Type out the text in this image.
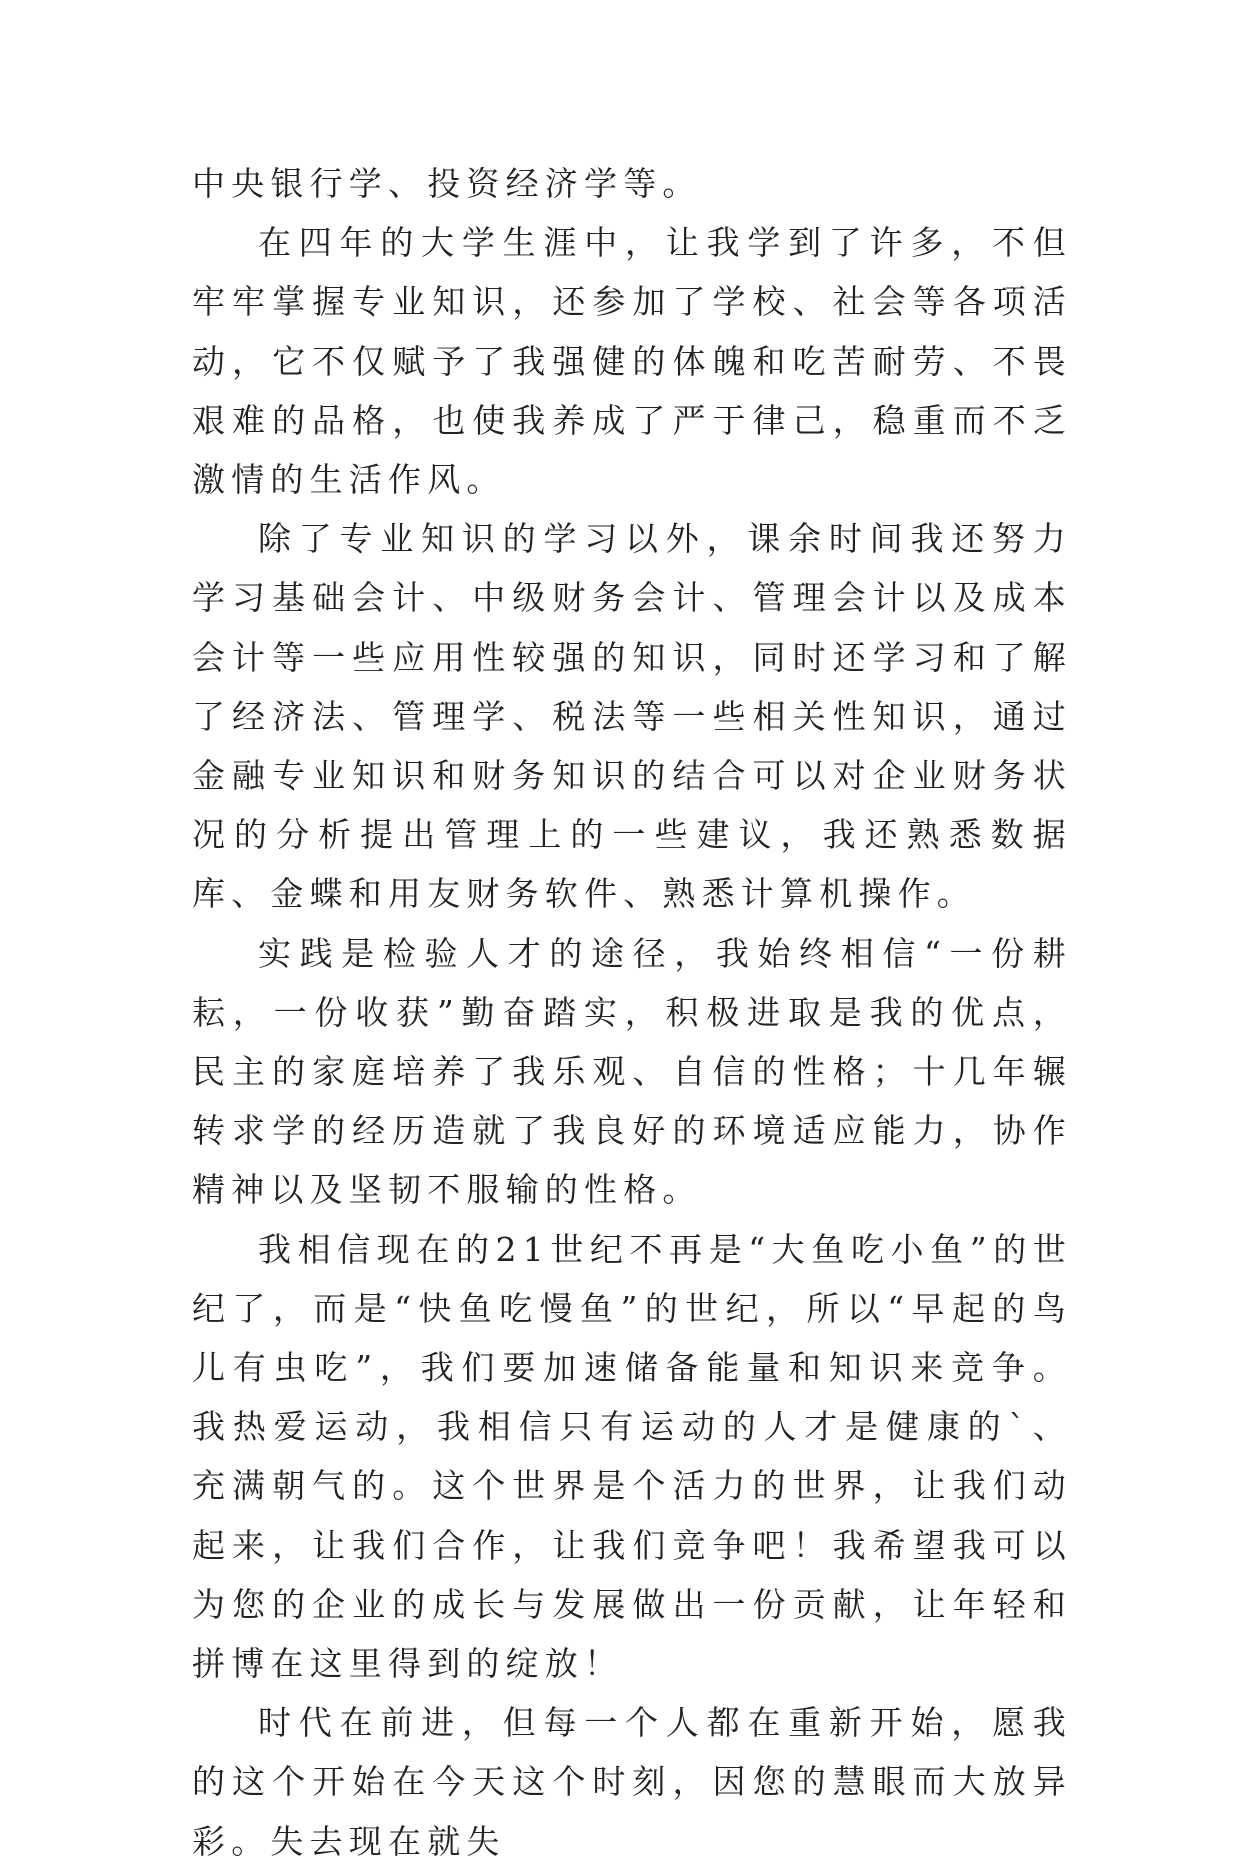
中央银行学、投资经济学等。

在四年的大学生涯中，让我学到了许多，不但牢牢掌握专业知识，还参加了学校、社会等各项活动，它不仅赋予了我强健的体魄和吃苦耐劳、不畏艰难的品格，也使我养成了严于律己，稳重而不乏激情的生活作风。

除了专业知识的学习以外，课余时间我还努力学习基础会计、中级财务会计、管理会计以及成本会计等一些应用性较强的知识，同时还学习和了解了经济法、管理学、税法等一些相关性知识，通过金融专业知识和财务知识的结合可以对企业财务状况的分析提出管理上的一些建议，我还熟悉数据库、金蝶和用友财务软件、熟悉计算机操作。

实践是检验人才的途径，我始终相信“一份耕耘，一份收获”勤奋踏实，积极进取是我的优点，民主的家庭培养了我乐观、自信的性格；十几年辗转求学的经历造就了我良好的环境适应能力，协作精神以及坚韧不服输的性格。

我相信现在的21世纪不再是“大鱼吃小鱼”的世纪了，而是“快鱼吃慢鱼”的世纪，所以“早起的鸟儿有虫吃”，我们要加速储备能量和知识来竞争。我热爱运动，我相信只有运动的人才是健康的`、充满朝气的。这个世界是个活力的世界，让我们动起来，让我们合作，让我们竞争吧！我希望我可以为您的企业的成长与发展做出一份贡献，让年轻和拼博在这里得到的绽放！

时代在前进，但每一个人都在重新开始，愿我的这个开始在今天这个时刻，因您的慧眼而大放异彩。失去现在就失
